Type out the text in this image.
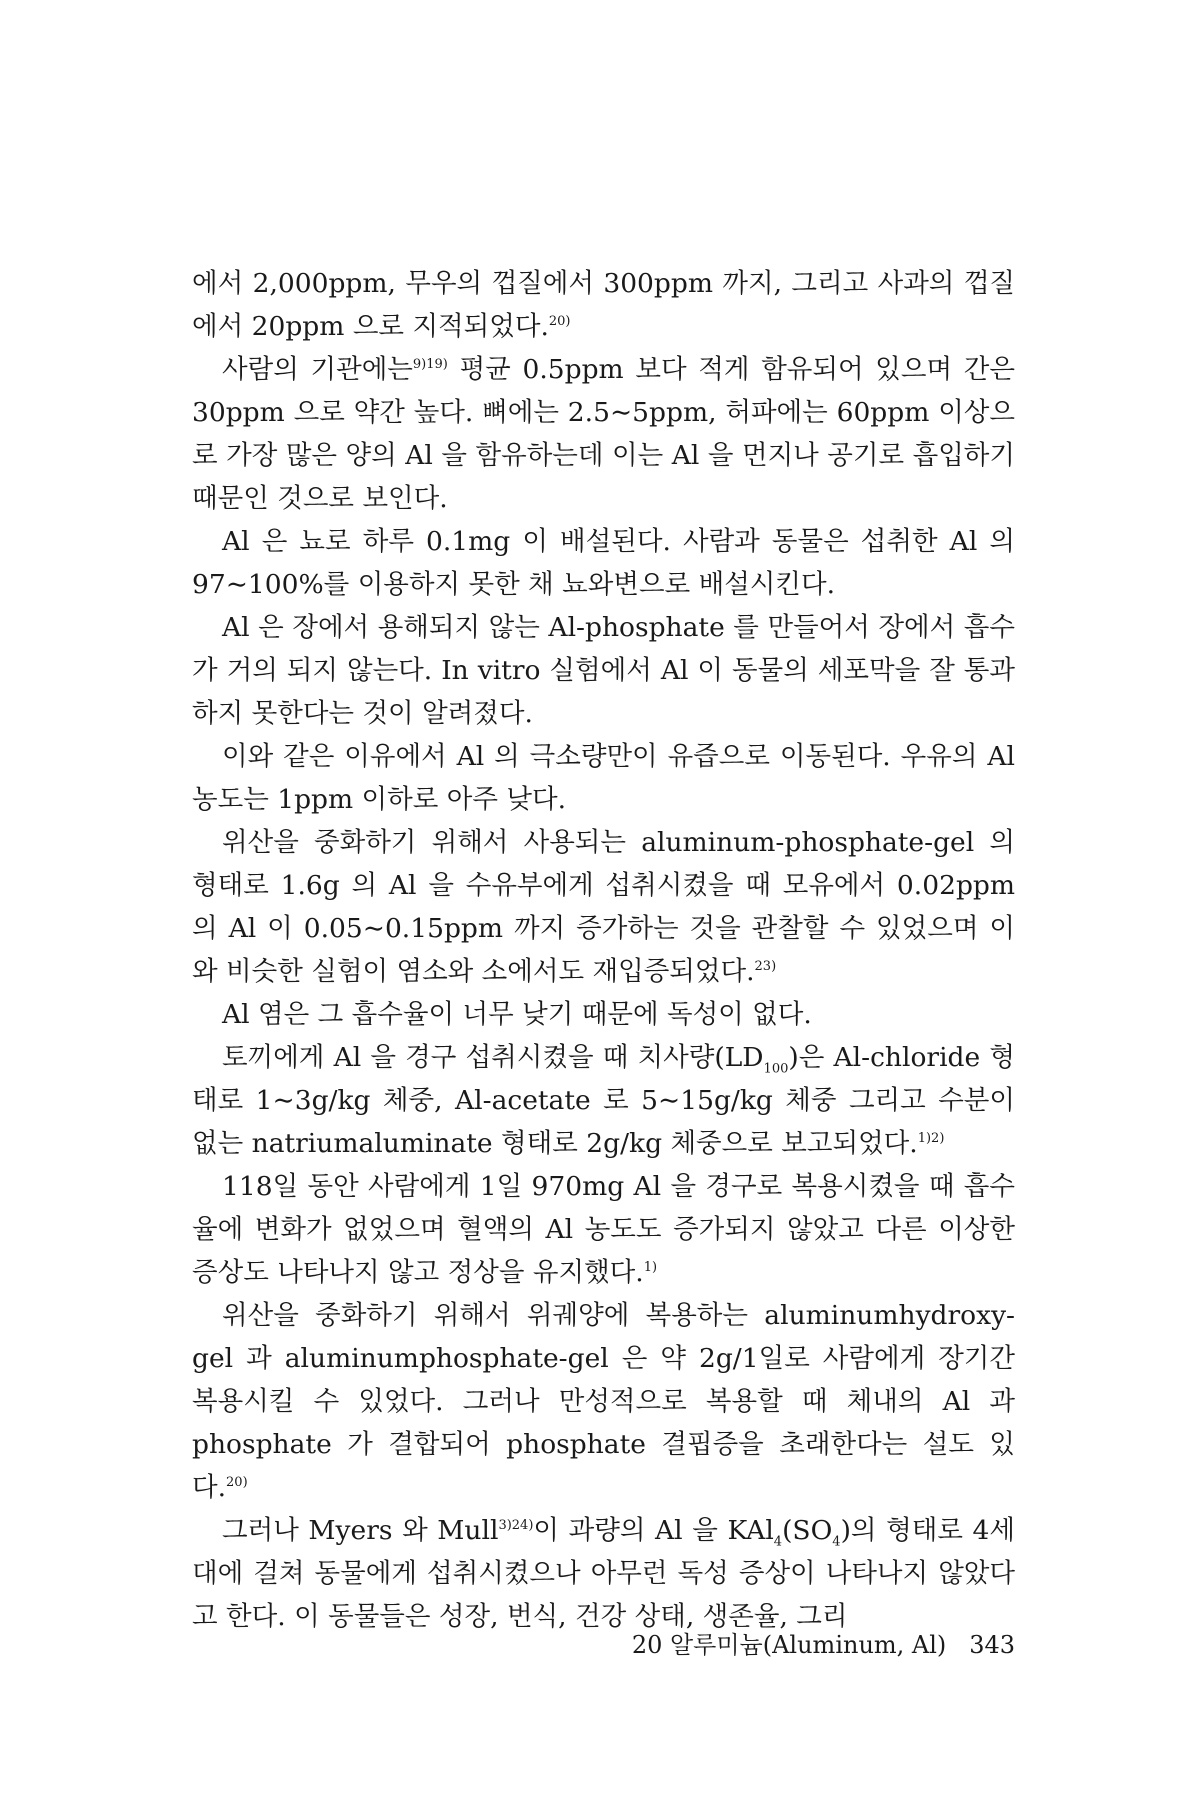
에서 2,000ppm, 무우의 껍질에서 300ppm 까지, 그리고 사과의 껍질에서 20ppm 으로 지적되었다.$^{20)}$

사람의 기관에는$^{9)19)}$ 평균 0.5ppm 보다 적게 함유되어 있으며 간은 30ppm 으로 약간 높다. 뼈에는 2.5∼5ppm, 허파에는 60ppm 이상으로 가장 많은 양의 Al 을 함유하는데 이는 Al 을 먼지나 공기로 흡입하기 때문인 것으로 보인다.

Al 은 뇨로 하루 0.1mg 이 배설된다. 사람과 동물은 섭취한 Al 의 97∼100%를 이용하지 못한 채 뇨와변으로 배설시킨다.

Al 은 장에서 용해되지 않는 Al-phosphate 를 만들어서 장에서 흡수가 거의 되지 않는다. In vitro 실험에서 Al 이 동물의 세포막을 잘 통과하지 못한다는 것이 알려졌다.

이와 같은 이유에서 Al 의 극소량만이 유즙으로 이동된다. 우유의 Al 농도는 1ppm 이하로 아주 낮다.

위산을 중화하기 위해서 사용되는 aluminum-phosphate-gel 의 형태로 1.6g 의 Al 을 수유부에게 섭취시켰을 때 모유에서 0.02ppm 의 Al 이 0.05∼0.15ppm 까지 증가하는 것을 관찰할 수 있었으며 이와 비슷한 실험이 염소와 소에서도 재입증되었다.$^{23)}$

Al 염은 그 흡수율이 너무 낮기 때문에 독성이 없다.

토끼에게 Al 을 경구 섭취시켰을 때 치사량$(LD_{100})$은 Al-chloride 형태로 1∼3g/kg 체중, Al-acetate 로 5∼15g/kg 체중 그리고 수분이 없는 natriumaluminate 형태로 2g/kg 체중으로 보고되었다.$^{1)2)}$

118일 동안 사람에게 1일 970mg Al 을 경구로 복용시켰을 때 흡수율에 변화가 없었으며 혈액의 Al 농도도 증가되지 않았고 다른 이상한 증상도 나타나지 않고 정상을 유지했다.$^{1)}$

위산을 중화하기 위해서 위궤양에 복용하는 aluminumhydroxy-gel 과 aluminumphosphate-gel 은 약 2g/1일로 사람에게 장기간 복용시킬 수 있었다. 그러나 만성적으로 복용할 때 체내의 Al 과 phosphate 가 결합되어 phosphate 결핍증을 초래한다는 설도 있다.$^{20)}$

그러나 Myers 와 Mull$^{3)24)}$이 과량의 Al 을 $KAl_4(SO_4)$의 형태로 4세대에 걸쳐 동물에게 섭취시켰으나 아무런 독성 증상이 나타나지 않았다고 한다. 이 동물들은 성장, 번식, 건강 상태, 생존율, 그리

20 알루미늄(Aluminum, Al) 343
